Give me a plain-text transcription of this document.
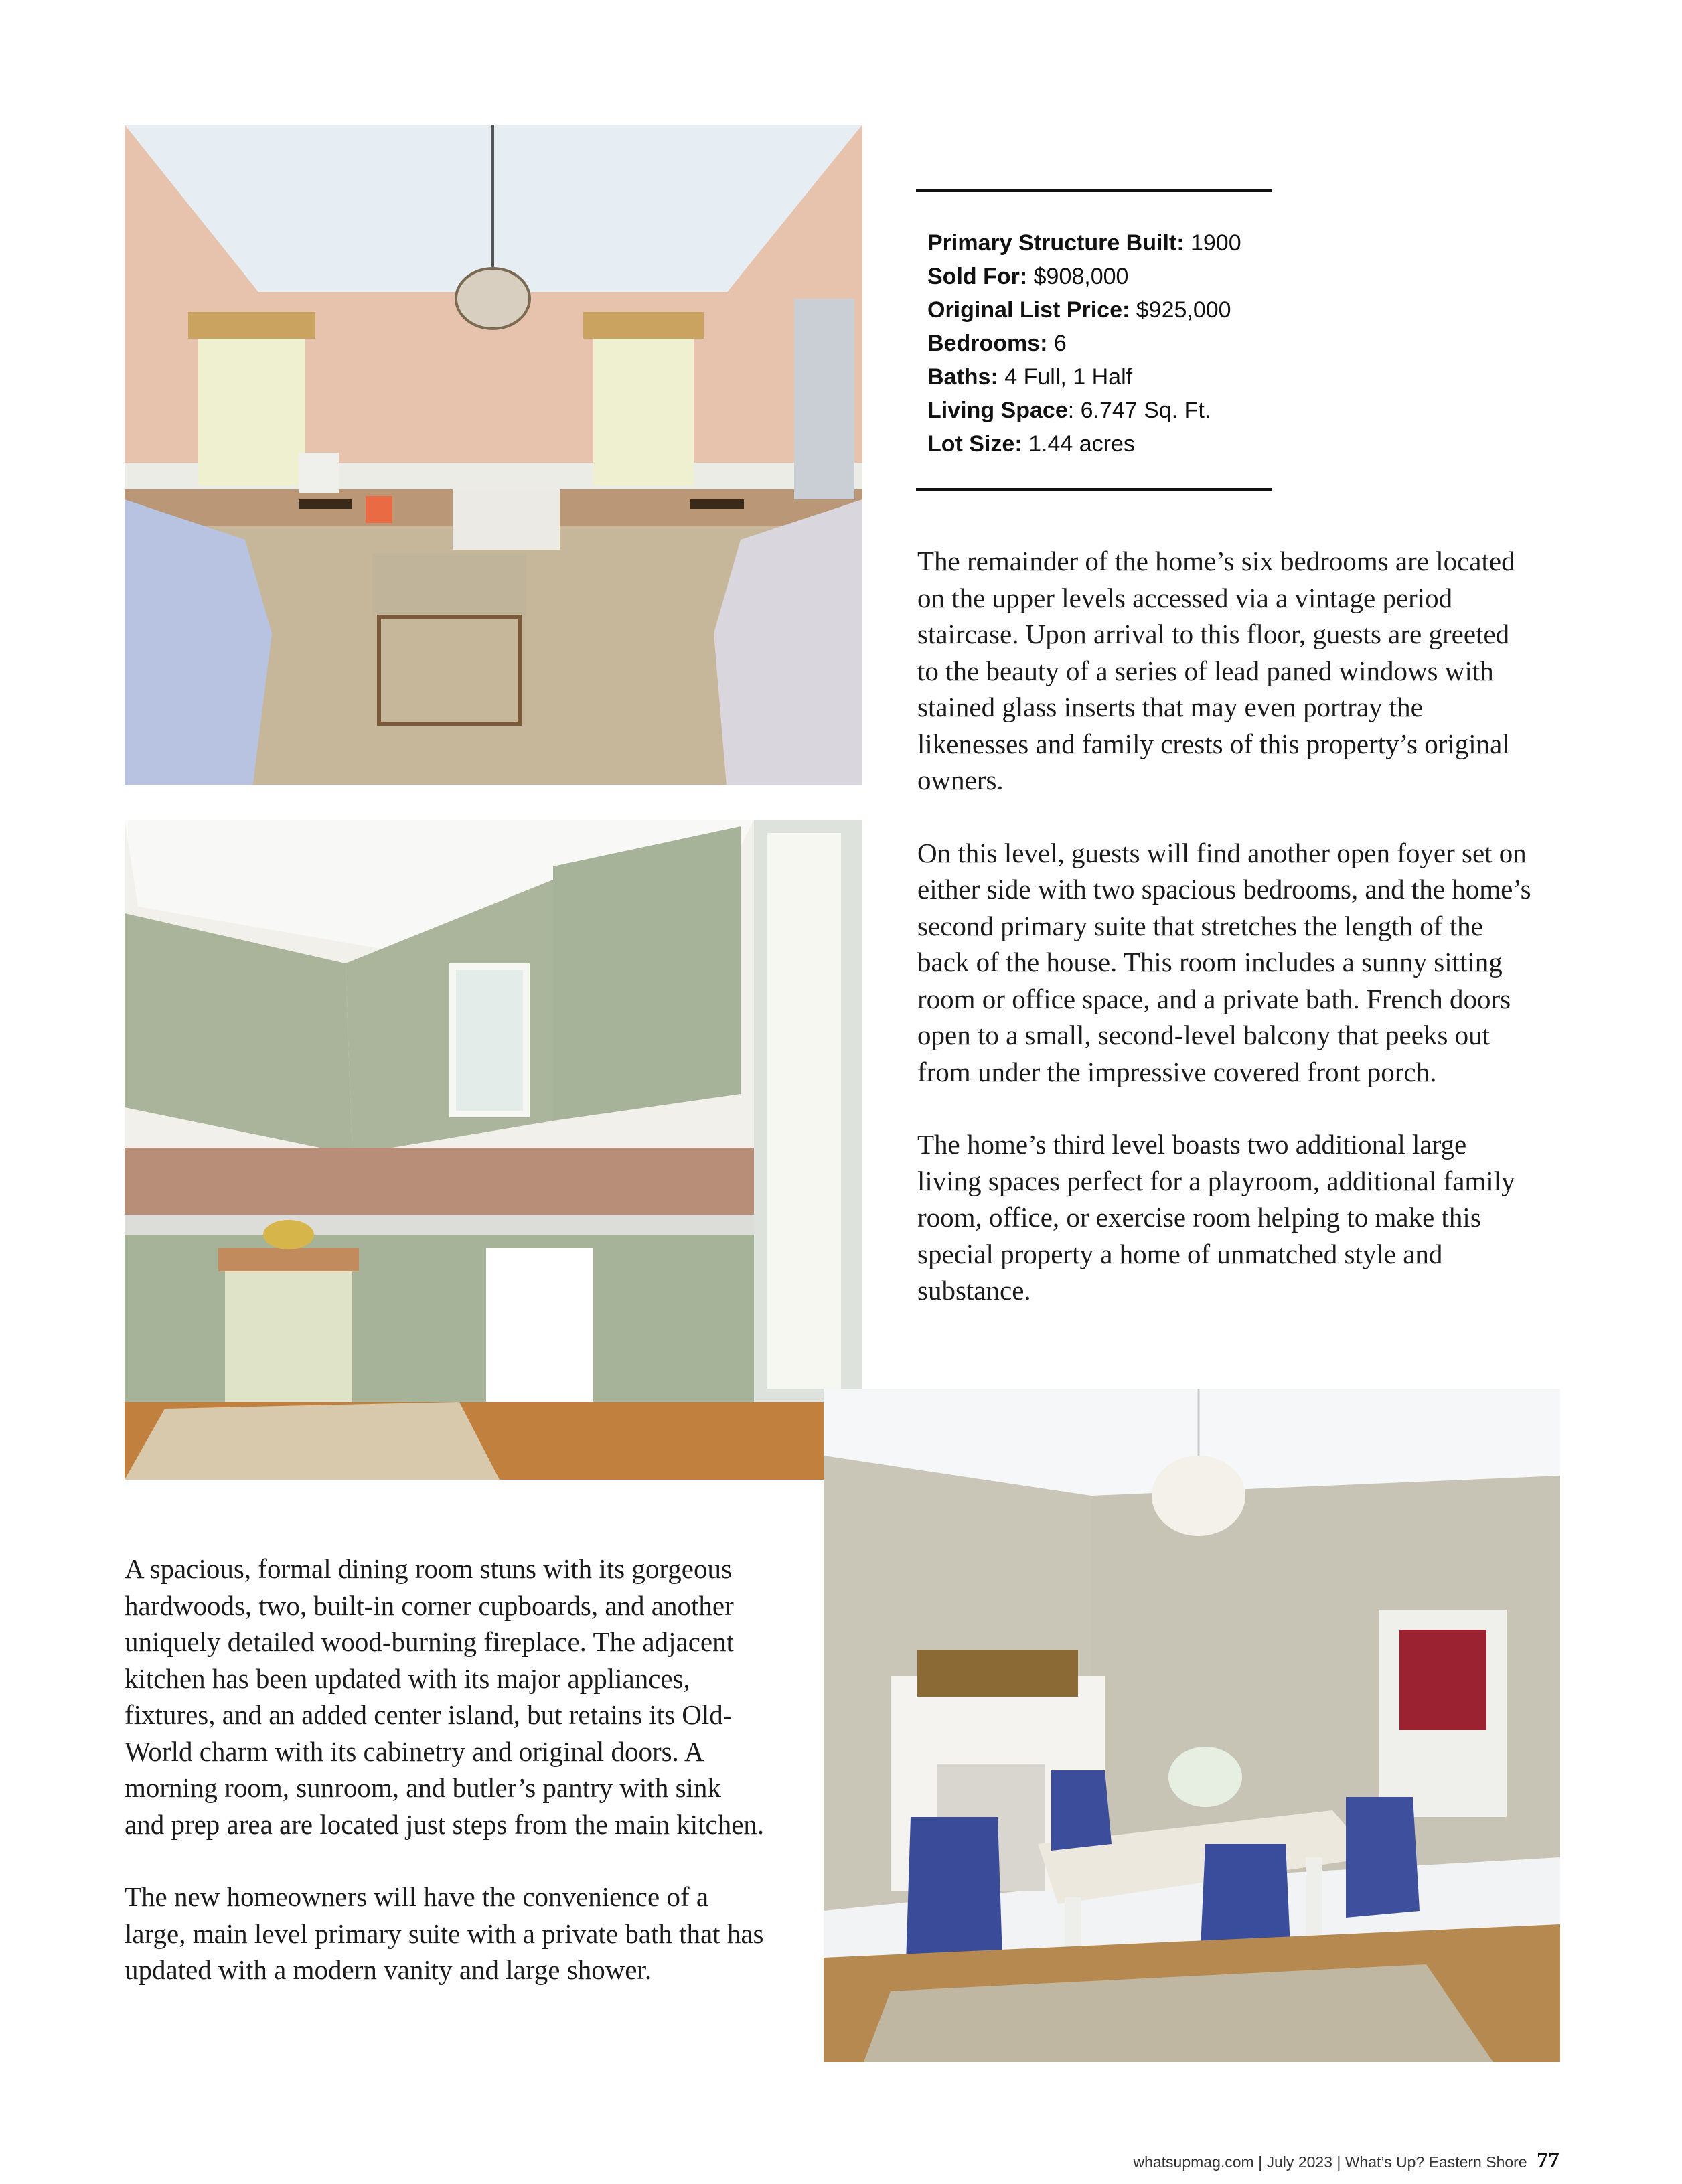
Primary Structure Built: 1900
Sold For: $908,000
Original List Price: $925,000
Bedrooms: 6
Baths: 4 Full, 1 Half
Living Space: 6.747 Sq. Ft.
Lot Size: 1.44 acres

The remainder of the home’s six bedrooms are located on the upper levels accessed via a vintage period staircase. Upon arrival to this floor, guests are greeted to the beauty of a series of lead paned windows with stained glass inserts that may even portray the likenesses and family crests of this property’s original owners.

On this level, guests will find another open foyer set on either side with two spacious bedrooms, and the home’s second primary suite that stretches the length of the back of the house. This room includes a sunny sitting room or office space, and a private bath. French doors open to a small, second-level balcony that peeks out from under the impressive covered front porch.

The home’s third level boasts two additional large living spaces perfect for a playroom, additional family room, office, or exercise room helping to make this special property a home of unmatched style and substance.

A spacious, formal dining room stuns with its gorgeous hardwoods, two, built-in corner cupboards, and another uniquely detailed wood-burning fireplace. The adjacent kitchen has been updated with its major appliances, fixtures, and an added center island, but retains its Old-World charm with its cabinetry and original doors. A morning room, sunroom, and butler’s pantry with sink and prep area are located just steps from the main kitchen.

The new homeowners will have the convenience of a large, main level primary suite with a private bath that has updated with a modern vanity and large shower.

whatsupmag.com | July 2023 | What’s Up? Eastern Shore 77
